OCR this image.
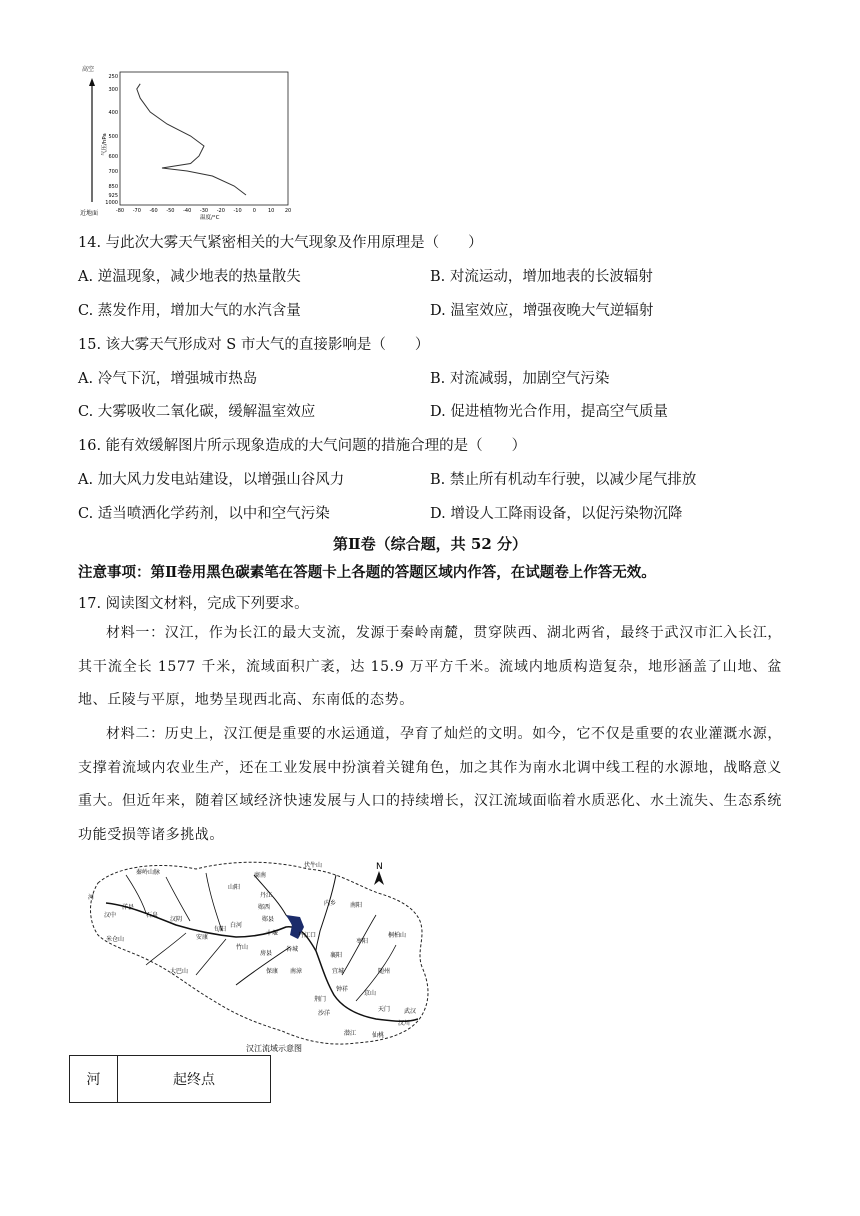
高空
近地面
气压/hPa
温度/°C
250
300
400
500
600
700
850
925
1000
-80 -70 -60 -50 -40 -30 -20 -10 0 10 20
14. 与此次大雾天气紧密相关的大气现象及作用原理是（　　）
A. 逆温现象，减少地表的热量散失	B. 对流运动，增加地表的长波辐射
C. 蒸发作用，增加大气的水汽含量	D. 温室效应，增强夜晚大气逆辐射
15. 该大雾天气形成对 S 市大气的直接影响是（　　）
A. 冷气下沉，增强城市热岛	B. 对流减弱，加剧空气污染
C. 大雾吸收二氧化碳，缓解温室效应	D. 促进植物光合作用，提高空气质量
16. 能有效缓解图片所示现象造成的大气问题的措施合理的是（　　）
A. 加大风力发电站建设，以增强山谷风力	B. 禁止所有机动车行驶，以减少尾气排放
C. 适当喷洒化学药剂，以中和空气污染	D. 增设人工降雨设备，以促污染物沉降
第Ⅱ卷（综合题，共 52 分）
注意事项：第Ⅱ卷用黑色碳素笔在答题卡上各题的答题区域内作答，在试题卷上作答无效。
17. 阅读图文材料，完成下列要求。
材料一：汉江，作为长江的最大支流，发源于秦岭南麓，贯穿陕西、湖北两省，最终于武汉市汇入长江，其干流全长 1577 千米，流域面积广袤，达 15.9 万平方千米。流域内地质构造复杂，地形涵盖了山地、盆地、丘陵与平原，地势呈现西北高、东南低的态势。
材料二：历史上，汉江便是重要的水运通道，孕育了灿烂的文明。如今，它不仅是重要的农业灌溉水源，支撑着流域内农业生产，还在工业发展中扮演着关键角色，加之其作为南水北调中线工程的水源地，战略意义重大。但近年来，随着区域经济快速发展与人口的持续增长，汉江流域面临着水质恶化、水土流失、生态系统功能受损等诸多挑战。
N
秦岭山脉
伏牛山
丹江
商南
山阳
内乡 南阳
汉中
洋县
石泉
汉阴
安康
旬阳
白河
郧西
郧县
丹江口
十堰
竹山
房县
谷城
襄阳
枣阳
随州
宜城
钟祥
京山
天门
汉川
武汉
仙桃
潜江
沙洋
荆门
南漳
保康
大巴山
米仓山
河
桐柏山
汉江流域示意图
河	起终点
